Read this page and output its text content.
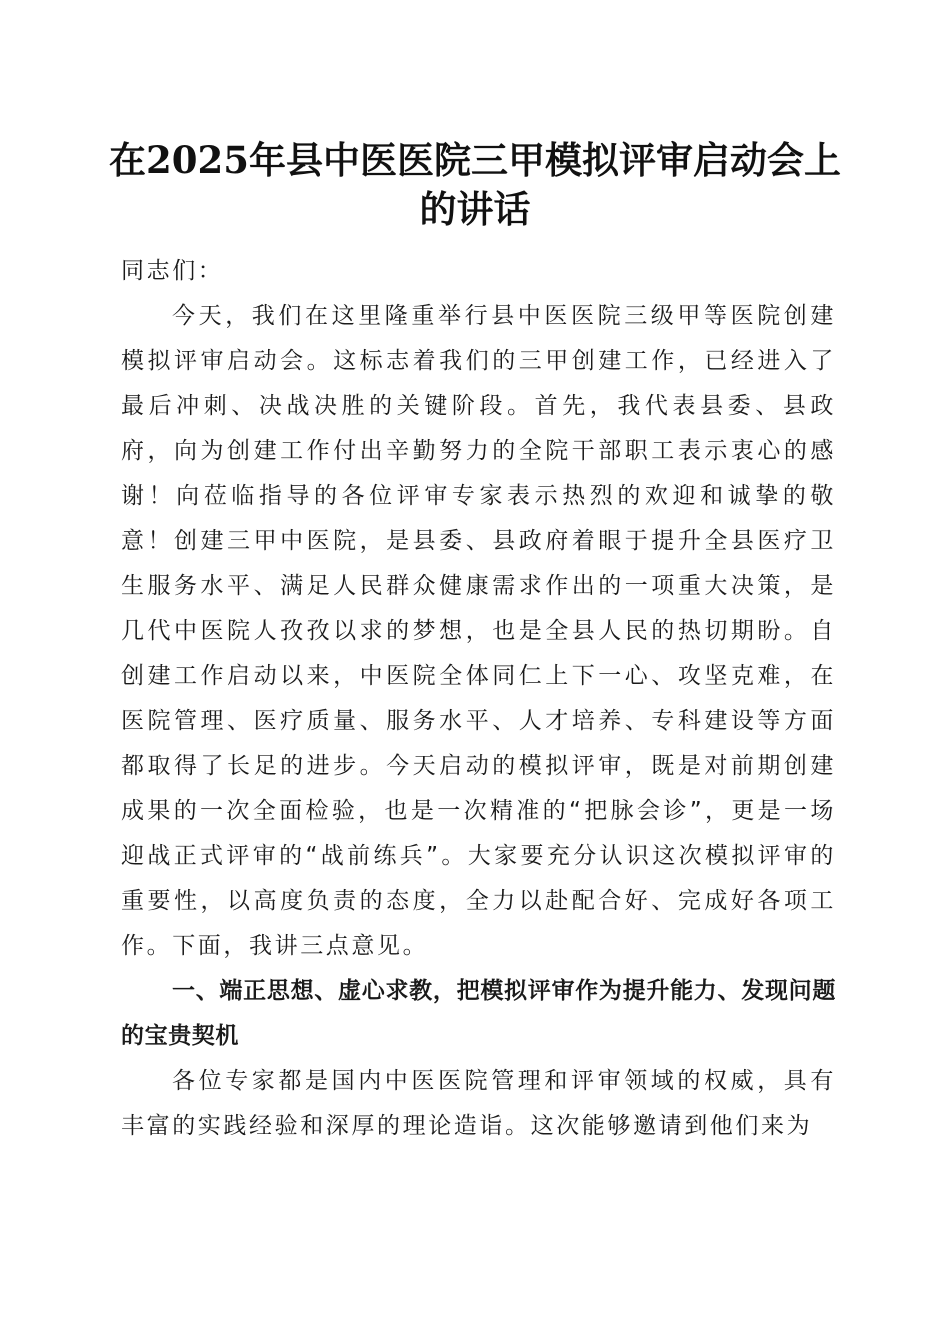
在2025年县中医医院三甲模拟评审启动会上的讲话

同志们：

今天，我们在这里隆重举行县中医医院三级甲等医院创建模拟评审启动会。这标志着我们的三甲创建工作，已经进入了最后冲刺、决战决胜的关键阶段。首先，我代表县委、县政府，向为创建工作付出辛勤努力的全院干部职工表示衷心的感谢！向莅临指导的各位评审专家表示热烈的欢迎和诚挚的敬意！创建三甲中医院，是县委、县政府着眼于提升全县医疗卫生服务水平、满足人民群众健康需求作出的一项重大决策，是几代中医院人孜孜以求的梦想，也是全县人民的热切期盼。自创建工作启动以来，中医院全体同仁上下一心、攻坚克难，在医院管理、医疗质量、服务水平、人才培养、专科建设等方面都取得了长足的进步。今天启动的模拟评审，既是对前期创建成果的一次全面检验，也是一次精准的“把脉会诊”，更是一场迎战正式评审的“战前练兵”。大家要充分认识这次模拟评审的重要性，以高度负责的态度，全力以赴配合好、完成好各项工作。下面，我讲三点意见。

一、端正思想、虚心求教，把模拟评审作为提升能力、发现问题的宝贵契机

各位专家都是国内中医医院管理和评审领域的权威，具有丰富的实践经验和深厚的理论造诣。这次能够邀请到他们来为
